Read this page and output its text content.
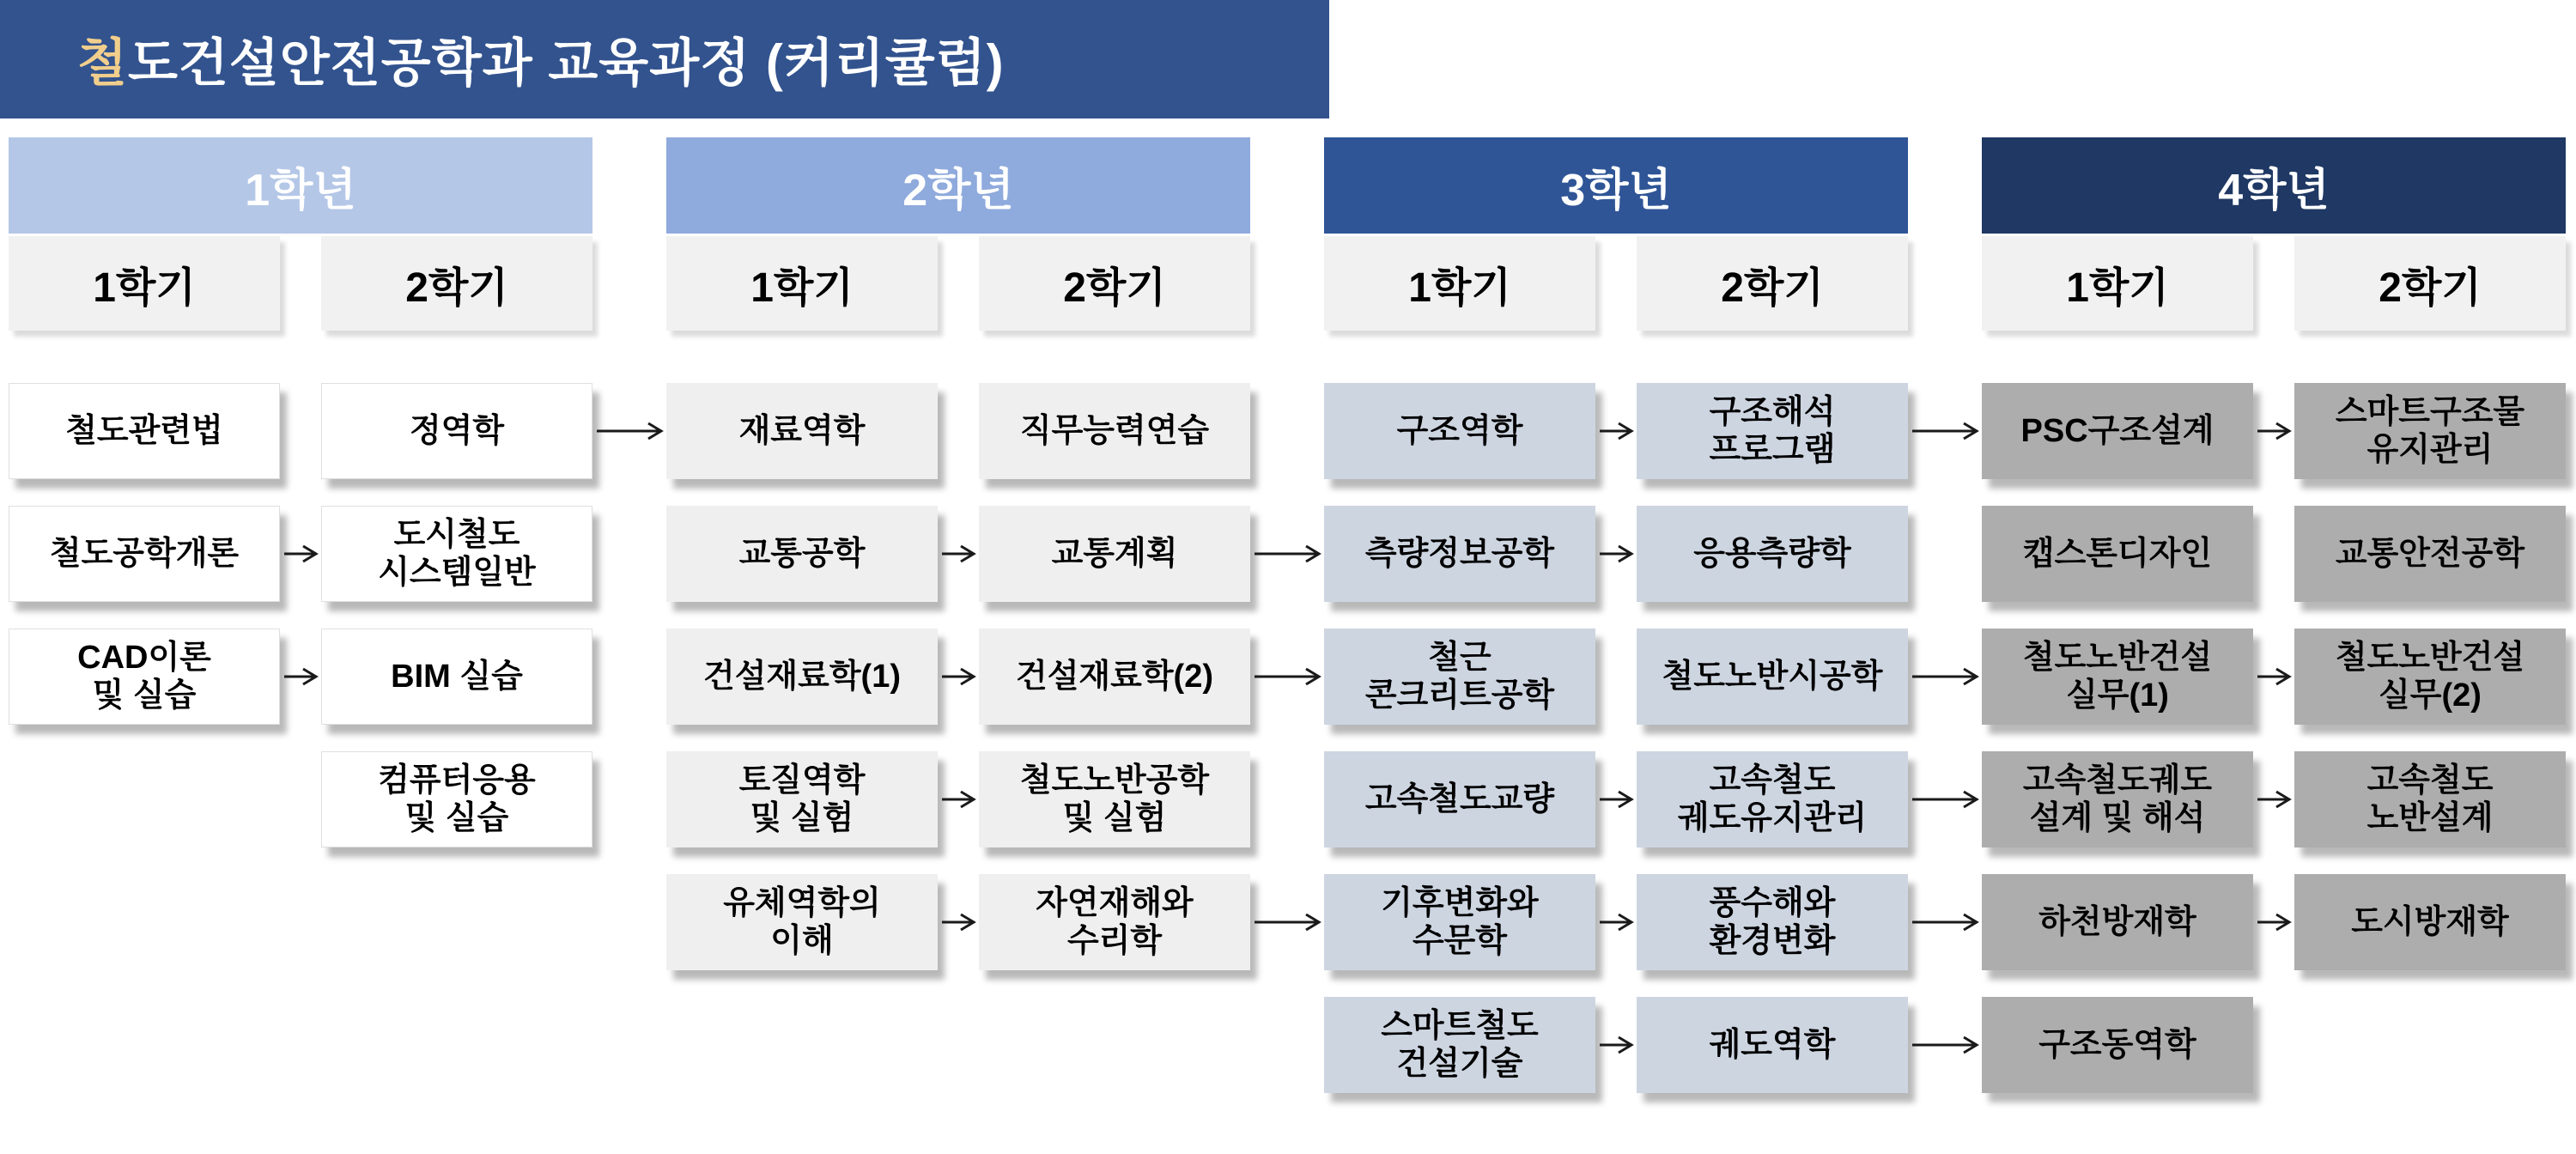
철 도건설안전공학과 교육과정 (커리큘럼)
1학년
1학기
철도관련법
철도공학개론
CAD이론
및 실습
2학기
정역학
도시철도
시스템일반
BIM 실습
컴퓨터응용
및 실습
2학년
1학기
재료역학
교통공학
건설재료학(1)
토질역학
및 실험
유체역학의
이해
2학기
직무능력연습
교통계획
건설재료학(2)
철도노반공학
및 실험
자연재해와
수리학
3학년
1학기
구조역학
측량정보공학
철근
콘크리트공학
고속철도교량
기후변화와
수문학
스마트철도
건설기술
2학기
구조해석
프로그램
응용측량학
철도노반시공학
고속철도
궤도유지관리
풍수해와
환경변화
궤도역학
4학년
1학기
PSC구조설계
캡스톤디자인
철도노반건설
실무(1)
고속철도궤도
설계 및 해석
하천방재학
구조동역학
2학기
스마트구조물
유지관리
교통안전공학
철도노반건설
실무(2)
고속철도
노반설계
도시방재학
